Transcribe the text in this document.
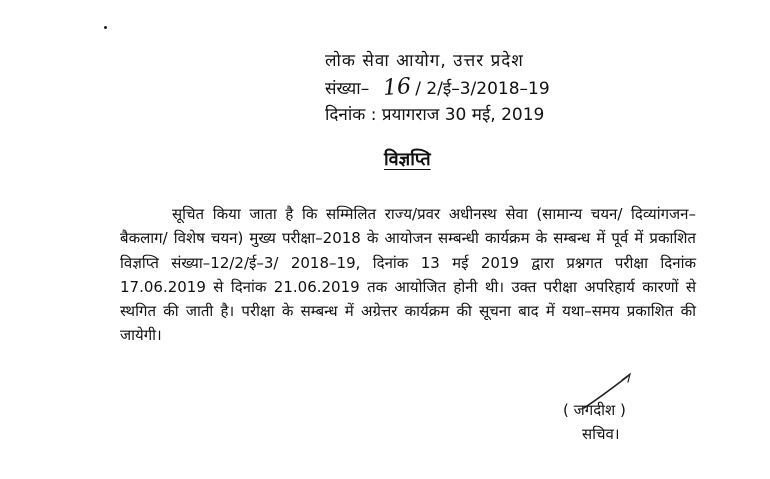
लोक सेवा आयोग, उत्तर प्रदेश
संख्या– 16 / 2/ई–3/2018–19
दिनांक : प्रयागराज 30 मई, 2019
विज्ञप्ति

सूचित किया जाता है कि सम्मिलित राज्य/प्रवर अधीनस्थ सेवा (सामान्य चयन/ दिव्यांगजन– बैकलाग/ विशेष चयन) मुख्य परीक्षा–2018 के आयोजन सम्बन्धी कार्यक्रम के सम्बन्ध में पूर्व में प्रकाशित विज्ञप्ति संख्या–12/2/ई–3/ 2018–19, दिनांक 13 मई 2019 द्वारा प्रश्नगत परीक्षा दिनांक 17.06.2019 से दिनांक 21.06.2019 तक आयोजित होनी थी। उक्त परीक्षा अपरिहार्य कारणों से स्थगित की जाती है। परीक्षा के सम्बन्ध में अग्रेत्तर कार्यक्रम की सूचना बाद में यथा–समय प्रकाशित की जायेगी।

( जगदीश )
सचिव।
